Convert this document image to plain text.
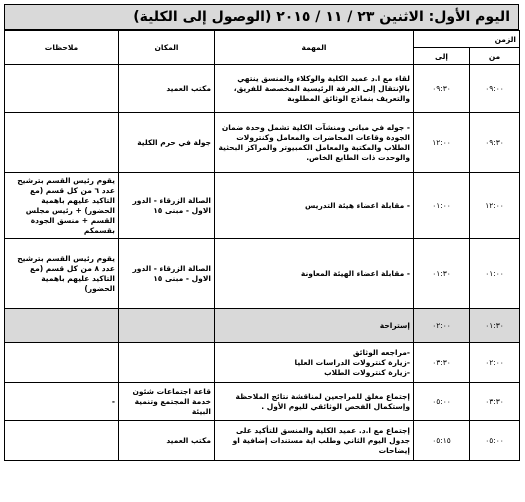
اليوم الأول: الاثنين ٢٣ / ١١ / ٢٠١٥ (الوصول إلى الكلية)
الزمن		المهمة	المكان	ملاحظات
من	إلى			
٠٩:٠٠	٠٩:٣٠	لقاء مع ا.د عميد الكلية والوكلاء والمنسق ينتهي بالإنتقال إلى الغرفة الرئيسية المخصصة للفريق، والتعريف بنماذج الوثائق المطلوبة	مكتب العميد	
٠٩:٣٠	١٢:٠٠	- جوله في مباني ومنشآت الكلية تشمل وحدة ضمان الجودة وقاعات المحاضرات والمعامل وكنترولات الطلاب والمكتبة والمعامل الكمبيوتر والمراكز البحثية والوحدت ذات الطابع الخاص.	جولة في حرم الكلية	
١٢:٠٠	٠١:٠٠	- مقابلة اعضاء هيئة التدريس	الصالة الزرقاء - الدور الاول - مبنى ١٥	يقوم رئيس القسم بترشيح عدد ٦ من كل قسم (مع التاكيد عليهم باهمية الحضور) + رئيس مجلس القسم + منسق الجودة بقسمكم
٠١:٠٠	٠١:٣٠	- مقابلة اعضاء الهيئة المعاونة	الصالة الزرقاء - الدور الاول - مبنى ١٥	يقوم رئيس القسم بترشيح عدد ٨ من كل قسم (مع التاكيد عليهم باهمية الحضور)
٠١:٣٠	٠٢:٠٠	إستراحة		
٠٢:٠٠	٠٣:٣٠	-مراجعه الوثائق
-زيارة كنترولات الدراسات العليا
-زيارة كنترولات الطلاب		
٠٣:٣٠	٠٥:٠٠	إجتماع مغلق للمراجعين لمناقشة نتائج الملاحظة وإستكمال الفحص الوثائقي لليوم الأول .	قاعة اجتماعات شئون خدمة المجتمع وتنمية البيئة	-
٠٥:٠٠	٠٥:١٥	إجتماع مع ا.د. عميد الكلية والمنسق للتأكيد على جدول اليوم الثاني وطلب اية مستندات إضافية او إيضاحات	مكتب العميد	
